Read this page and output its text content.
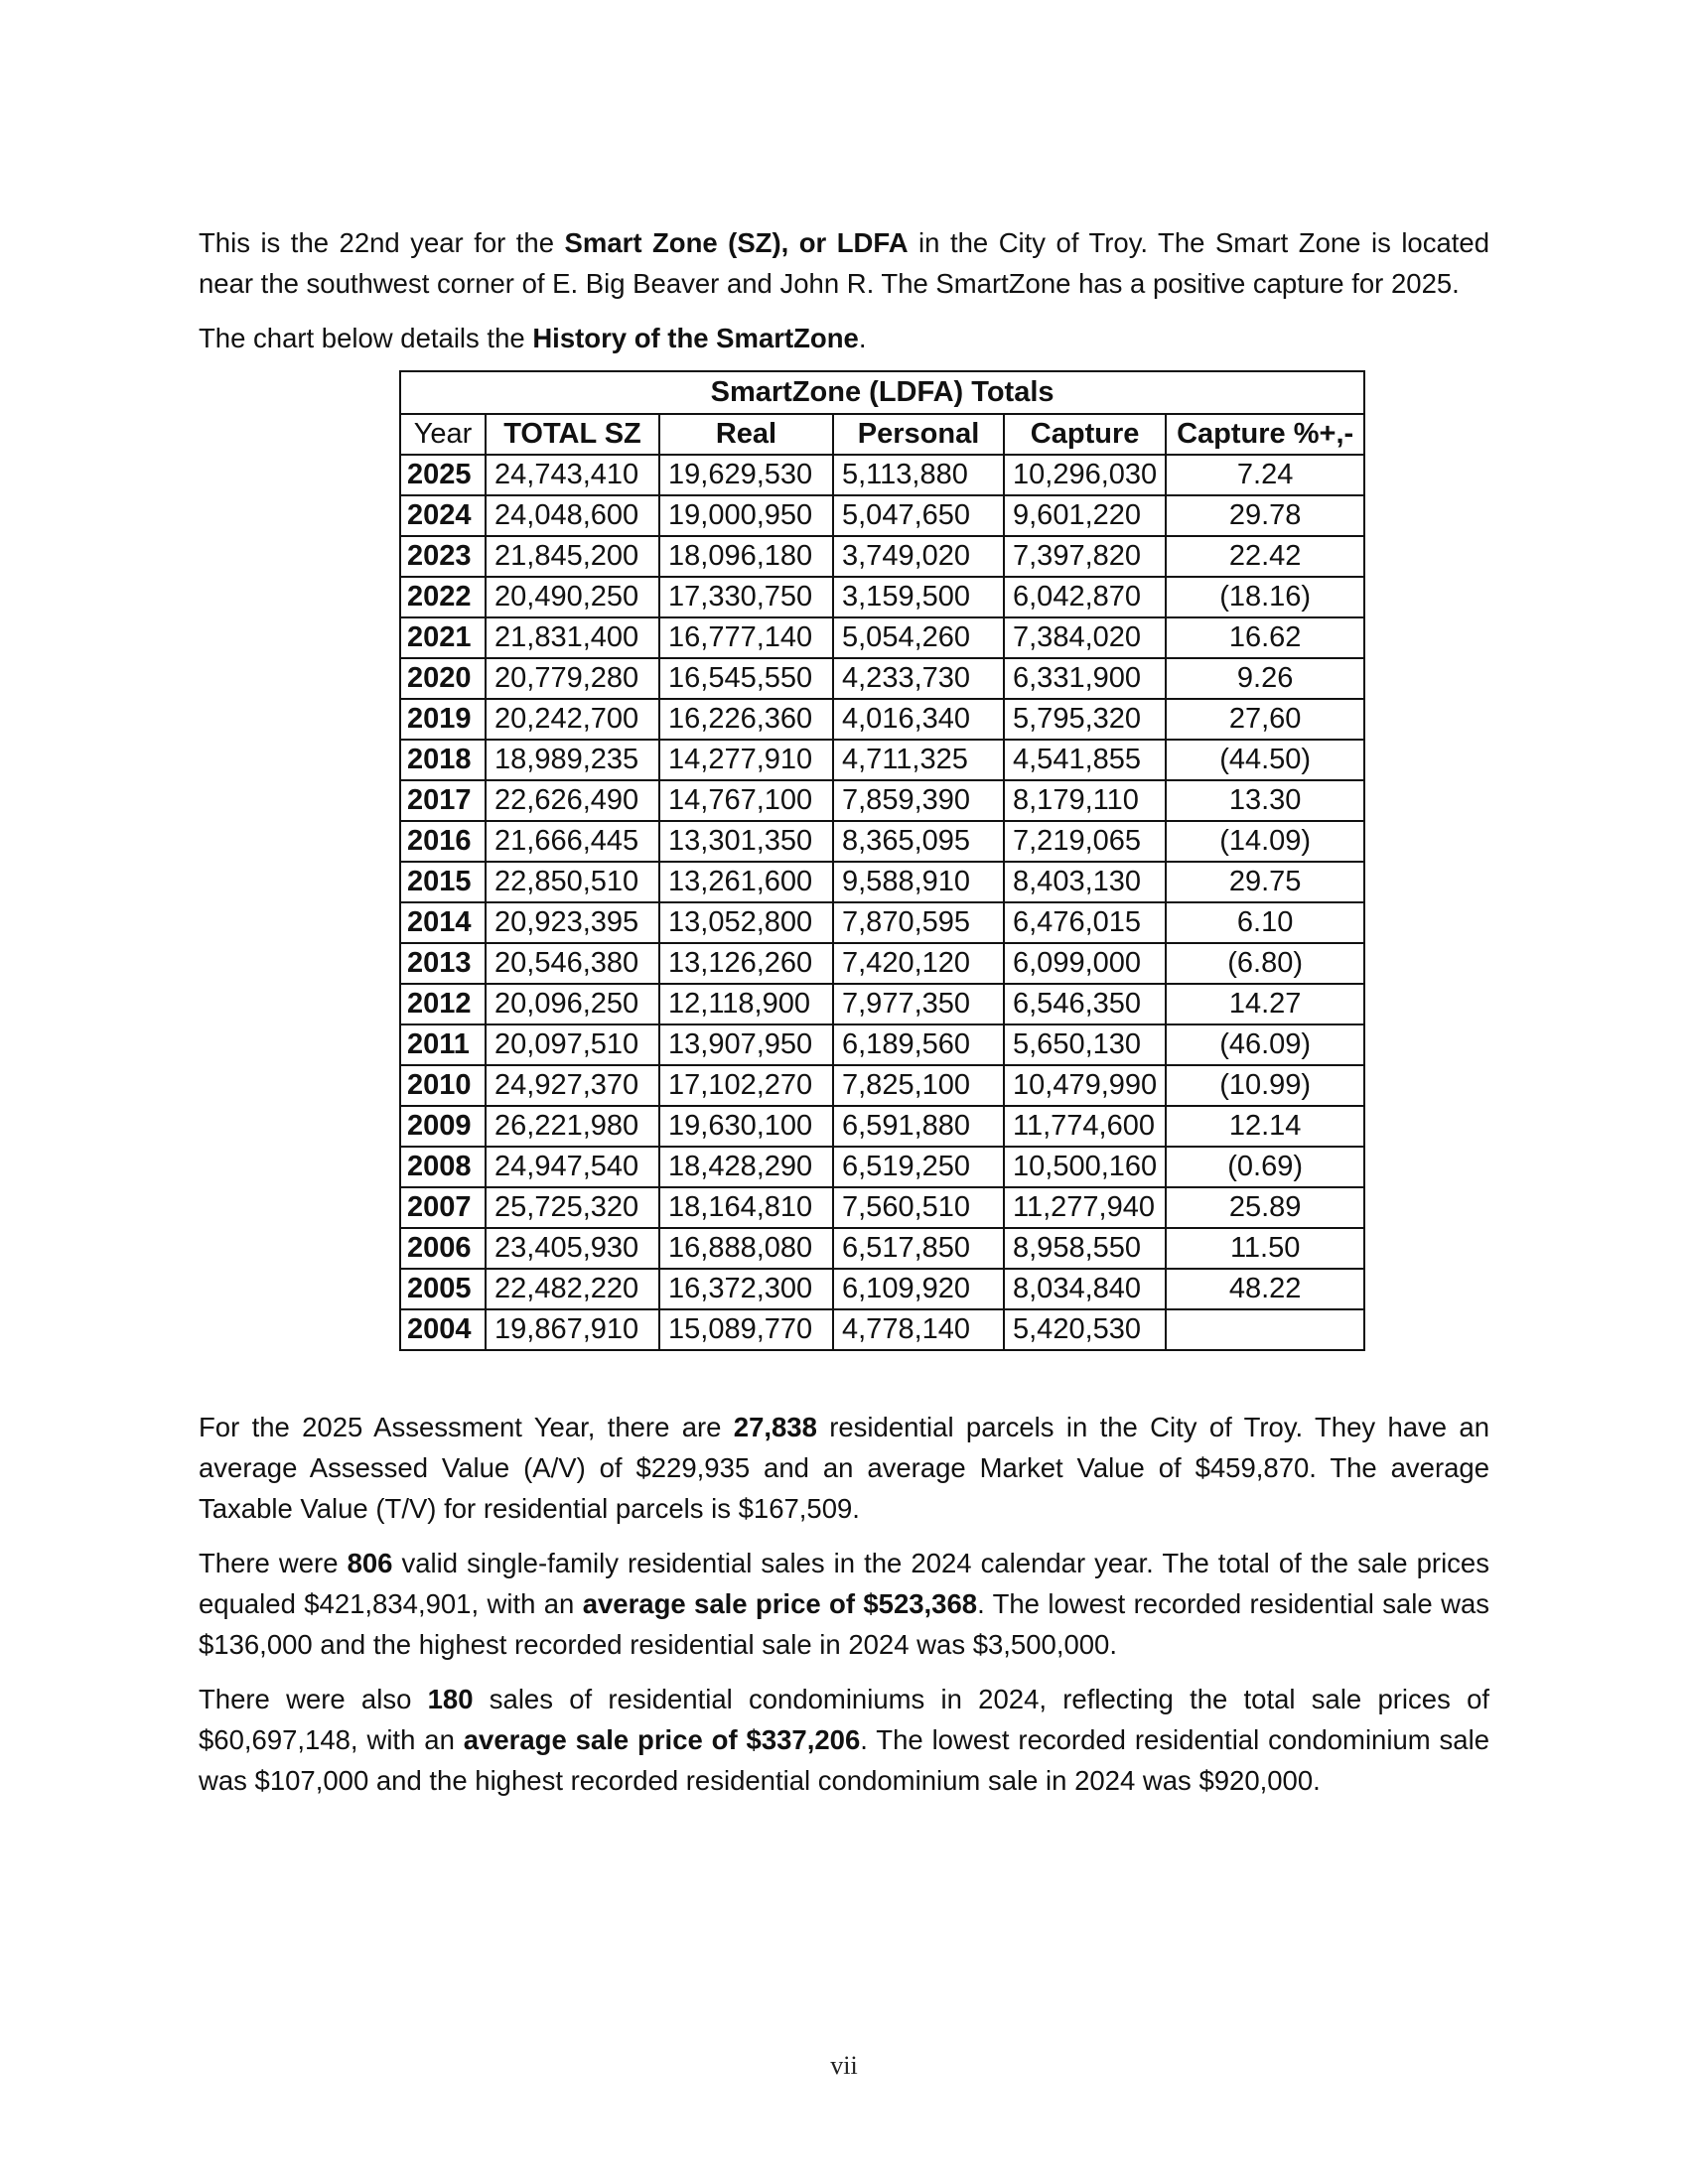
This is the 22nd year for the Smart Zone (SZ), or LDFA in the City of Troy. The Smart Zone is located near the southwest corner of E. Big Beaver and John R. The SmartZone has a positive capture for 2025.

The chart below details the History of the SmartZone.

SmartZone (LDFA) Totals					
Year	TOTAL SZ	Real	Personal	Capture	Capture %+,-
2025	24,743,410	19,629,530	5,113,880	10,296,030	7.24
2024	24,048,600	19,000,950	5,047,650	9,601,220	29.78
2023	21,845,200	18,096,180	3,749,020	7,397,820	22.42
2022	20,490,250	17,330,750	3,159,500	6,042,870	(18.16)
2021	21,831,400	16,777,140	5,054,260	7,384,020	16.62
2020	20,779,280	16,545,550	4,233,730	6,331,900	9.26
2019	20,242,700	16,226,360	4,016,340	5,795,320	27,60
2018	18,989,235	14,277,910	4,711,325	4,541,855	(44.50)
2017	22,626,490	14,767,100	7,859,390	8,179,110	13.30
2016	21,666,445	13,301,350	8,365,095	7,219,065	(14.09)
2015	22,850,510	13,261,600	9,588,910	8,403,130	29.75
2014	20,923,395	13,052,800	7,870,595	6,476,015	6.10
2013	20,546,380	13,126,260	7,420,120	6,099,000	(6.80)
2012	20,096,250	12,118,900	7,977,350	6,546,350	14.27
2011	20,097,510	13,907,950	6,189,560	5,650,130	(46.09)
2010	24,927,370	17,102,270	7,825,100	10,479,990	(10.99)
2009	26,221,980	19,630,100	6,591,880	11,774,600	12.14
2008	24,947,540	18,428,290	6,519,250	10,500,160	(0.69)
2007	25,725,320	18,164,810	7,560,510	11,277,940	25.89
2006	23,405,930	16,888,080	6,517,850	8,958,550	11.50
2005	22,482,220	16,372,300	6,109,920	8,034,840	48.22
2004	19,867,910	15,089,770	4,778,140	5,420,530	

For the 2025 Assessment Year, there are 27,838 residential parcels in the City of Troy. They have an average Assessed Value (A/V) of $229,935 and an average Market Value of $459,870. The average Taxable Value (T/V) for residential parcels is $167,509.

There were 806 valid single-family residential sales in the 2024 calendar year. The total of the sale prices equaled $421,834,901, with an average sale price of $523,368. The lowest recorded residential sale was $136,000 and the highest recorded residential sale in 2024 was $3,500,000.

There were also 180 sales of residential condominiums in 2024, reflecting the total sale prices of $60,697,148, with an average sale price of $337,206. The lowest recorded residential condominium sale was $107,000 and the highest recorded residential condominium sale in 2024 was $920,000.

vii
